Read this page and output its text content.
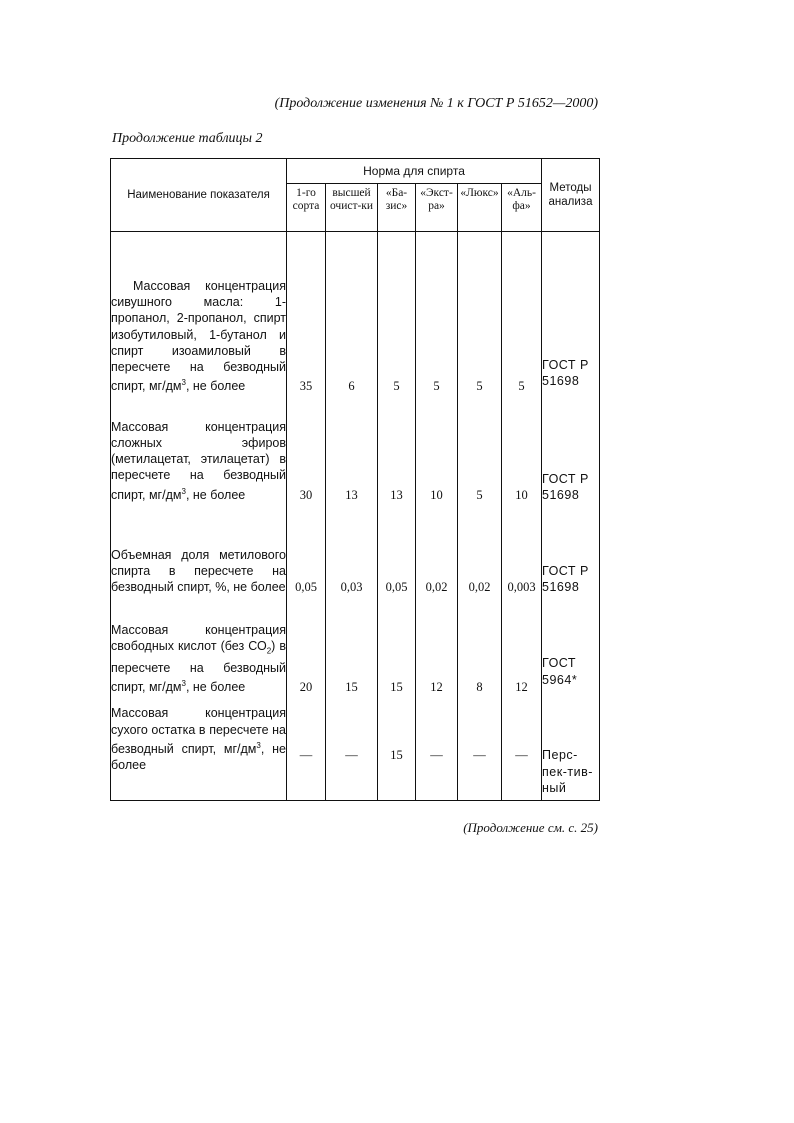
(Продолжение изменения № 1 к ГОСТ Р 51652—2000)
Продолжение таблицы 2
Наименование показателя	Норма для спирта						Методы анализа

	1-го сорта	высшей очист-ки	«Ба-зис»	«Экст-ра»	«Люкс»	«Аль-фа»	

Массовая концентрация сивушного масла: 1-пропанол, 2-пропанол, спирт изобутиловый, 1-бутанол и спирт изоамиловый в пересчете на безводный спирт, $мг/дм^3$, не более	35	6	5	5	5	5	ГОСТ Р 51698
Массовая концентрация сложных эфиров (метилацетат, этилацетат) в пересчете на безводный спирт, $мг/дм^3$, не более	30	13	13	10	5	10	ГОСТ Р 51698
Объемная доля метилового спирта в пересчете на безводный спирт, %, не более	0,05	0,03	0,05	0,02	0,02	0,003	ГОСТ Р 51698
Массовая концентрация свободных кислот (без $СО_2$) в пересчете на безводный спирт, $мг/дм^3$, не более	20	15	15	12	8	12	ГОСТ 5964*
Массовая концентрация сухого остатка в пересчете на безводный спирт, $мг/дм^3$, не более	—	—	15	—	—	—	Перс-пек-тив-ный
(Продолжение см. с. 25)
